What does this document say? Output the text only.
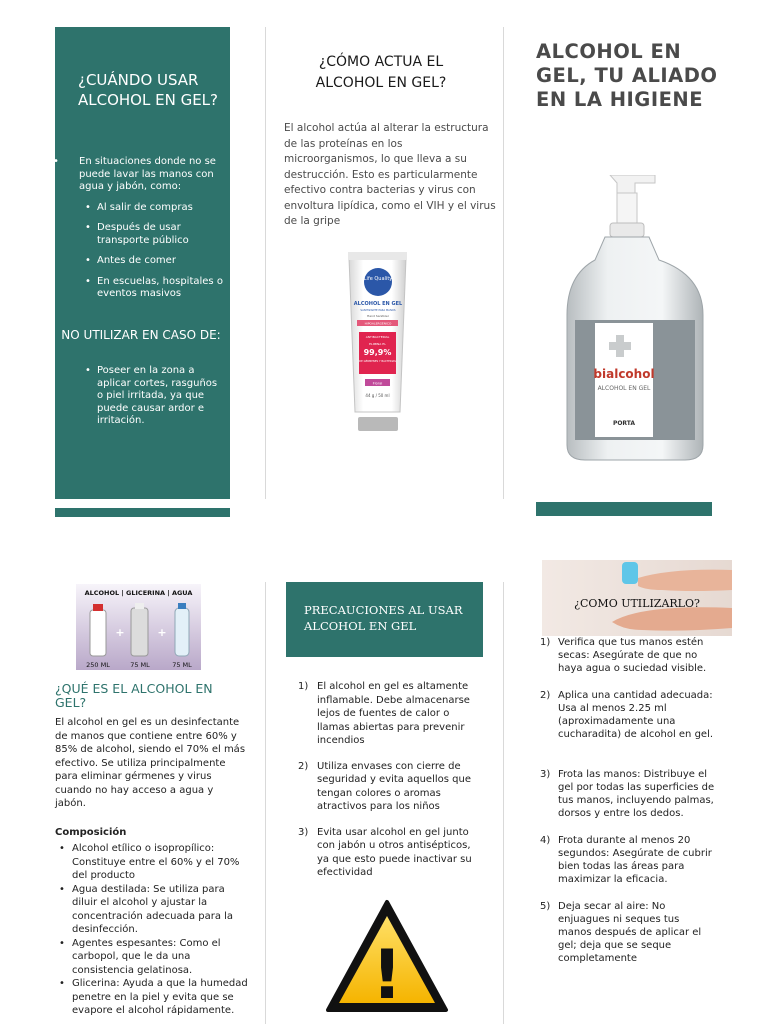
¿CUÁNDO USAR ALCOHOL EN GEL?
• En situaciones donde no se puede lavar las manos con agua y jabón, como:
• Al salir de compras
• Después de usar transporte público
• Antes de comer
• En escuelas, hospitales o eventos masivos
NO UTILIZAR EN CASO DE:
• Poseer en la zona a aplicar cortes, rasguños o piel irritada, ya que puede causar ardor e irritación.
¿CÓMO ACTUA EL ALCOHOL EN GEL?
El alcohol actúa al alterar la estructura de las proteínas en los microorganismos, lo que lleva a su destrucción. Esto es particularmente efectivo contra bacterias y virus con envoltura lipídica, como el VIH y el virus de la gripe
Life Quality
ALCOHOL EN GEL
SANITIZANTE PARA MANOS
Hand Sanitizer
HIPOALERGÉNICO
ANTIBACTERIAL
ELIMINA EL
99,9%
DE GÉRMENES Y BACTERIAS
Floral
44 g / 50 ml
ALCOHOL EN GEL, TU ALIADO EN LA HIGIENE
bialcohol
ALCOHOL EN GEL
PORTA
ALCOHOL | GLICERINA | AGUA
+	+
250 ML	75 ML	75 ML
¿QUÉ ES EL ALCOHOL EN GEL?
El alcohol en gel es un desinfectante de manos que contiene entre 60% y 85% de alcohol, siendo el 70% el más efectivo. Se utiliza principalmente para eliminar gérmenes y virus cuando no hay acceso a agua y jabón.
Composición
• Alcohol etílico o isopropílico: Constituye entre el 60% y el 70% del producto
• Agua destilada: Se utiliza para diluir el alcohol y ajustar la concentración adecuada para la desinfección.
• Agentes espesantes: Como el carbopol, que le da una consistencia gelatinosa.
• Glicerina: Ayuda a que la humedad penetre en la piel y evita que se evapore el alcohol rápidamente.
PRECAUCIONES AL USAR ALCOHOL EN GEL
1) El alcohol en gel es altamente inflamable. Debe almacenarse lejos de fuentes de calor o llamas abiertas para prevenir incendios
2) Utiliza envases con cierre de seguridad y evita aquellos que tengan colores o aromas atractivos para los niños
3) Evita usar alcohol en gel junto con jabón u otros antisépticos, ya que esto puede inactivar su efectividad
!
¿COMO UTILIZARLO?
1) Verifica que tus manos estén secas: Asegúrate de que no haya agua o suciedad visible.
2) Aplica una cantidad adecuada: Usa al menos 2.25 ml (aproximadamente una cucharadita) de alcohol en gel.
3) Frota las manos: Distribuye el gel por todas las superficies de tus manos, incluyendo palmas, dorsos y entre los dedos.
4) Frota durante al menos 20 segundos: Asegúrate de cubrir bien todas las áreas para maximizar la eficacia.
5) Deja secar al aire: No enjuagues ni seques tus manos después de aplicar el gel; deja que se seque completamente
